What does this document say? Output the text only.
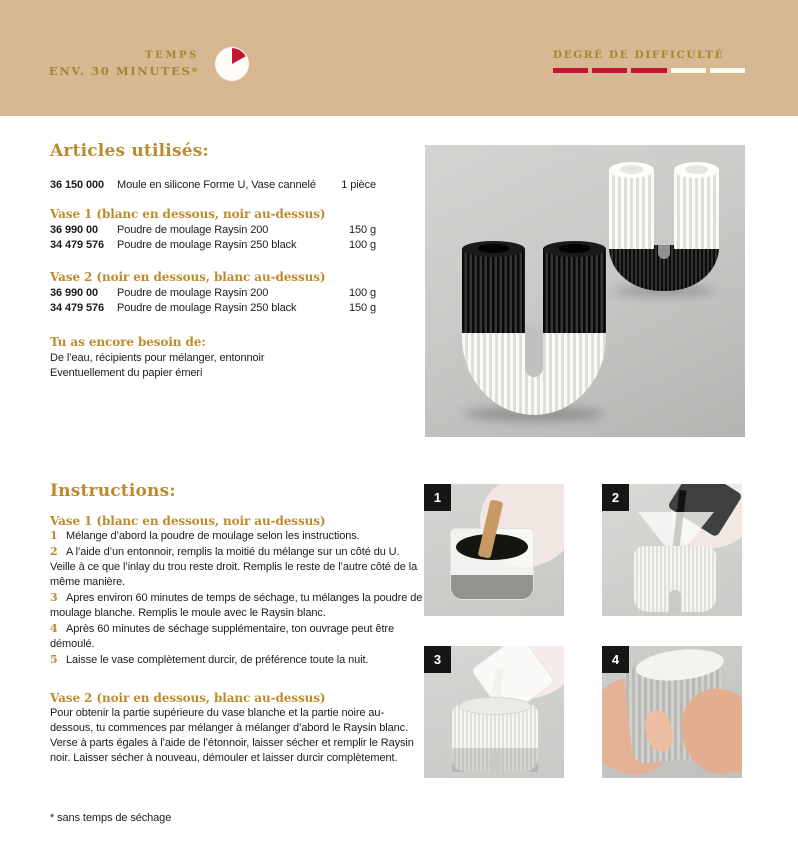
TEMPS
ENV. 30 MINUTES*
DEGRÉ DE DIFFICULTÉ
Articles utilisés:
36 150 000	Moule en silicone Forme U, Vase cannelé	1 pièce
Vase 1 (blanc en dessous, noir au-dessus)
36 990 00	Poudre de moulage Raysin 200	150 g
34 479 576	Poudre de moulage Raysin 250 black	100 g
Vase 2 (noir en dessous, blanc au-dessus)
36 990 00	Poudre de moulage Raysin 200	100 g
34 479 576	Poudre de moulage Raysin 250 black	150 g
Tu as encore besoin de:
De l’eau, récipients pour mélanger, entonnoir
Eventuellement du papier émeri
Instructions:
Vase 1 (blanc en dessous, noir au-dessus)

1 Mélange d’abord la poudre de moulage selon les instructions.

2 A l’aide d’un entonnoir, remplis la moitié du mélange sur un côté du U. Veille à ce que l’inlay du trou reste droit. Remplis le reste de l’autre côté de la même manière.

3 Apres environ 60 minutes de temps de séchage, tu mélanges la poudre de moulage blanche. Remplis le moule avec le Raysin blanc.

4 Après 60 minutes de séchage supplémentaire, ton ouvrage peut être démoulé.

5 Laisse le vase complètement durcir, de préférence toute la nuit.

Vase 2 (noir en dessous, blanc au-dessus)

Pour obtenir la partie supérieure du vase blanche et la partie noire au-dessous, tu commences par mélanger à mélanger d’abord le Raysin blanc. Verse à parts égales à l’aide de l’étonnoir, laisser sécher et remplir le Raysin noir. Laisser sécher à nouveau, démouler et laisser durcir complètement.

1	2
3	4
* sans temps de séchage
